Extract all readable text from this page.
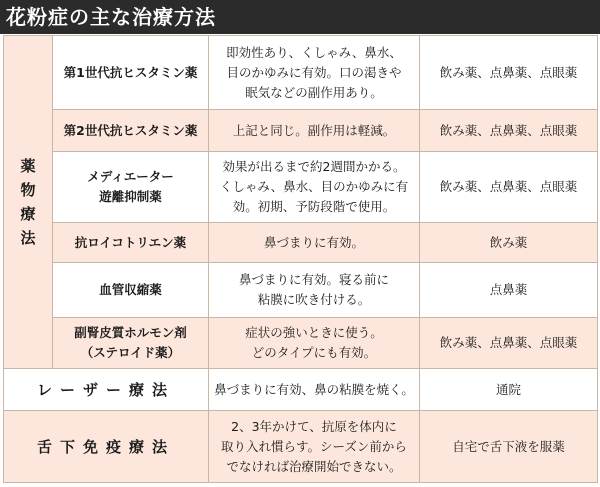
花粉症の主な治療方法
薬
物
療
法	第1世代抗ヒスタミン薬	即効性あり、くしゃみ、鼻水、
目のかゆみに有効。口の渇きや
眠気などの副作用あり。	飲み薬、点鼻薬、点眼薬

	第2世代抗ヒスタミン薬	上記と同じ。副作用は軽減。	飲み薬、点鼻薬、点眼薬

	メディエーター
遊離抑制薬	効果が出るまで約2週間かかる。
くしゃみ、鼻水、目のかゆみに有
効。初期、予防段階で使用。	飲み薬、点鼻薬、点眼薬

	抗ロイコトリエン薬	鼻づまりに有効。	飲み薬

	血管収縮薬	鼻づまりに有効。寝る前に
粘膜に吹き付ける。	点鼻薬

	副腎皮質ホルモン剤
（ステロイド薬）	症状の強いときに使う。
どのタイプにも有効。	飲み薬、点鼻薬、点眼薬
レーザー療法		鼻づまりに有効、鼻の粘膜を焼く。	通院
舌下免疫療法		2、3年かけて、抗原を体内に
取り入れ慣らす。シーズン前から
でなければ治療開始できない。	自宅で舌下液を服薬
